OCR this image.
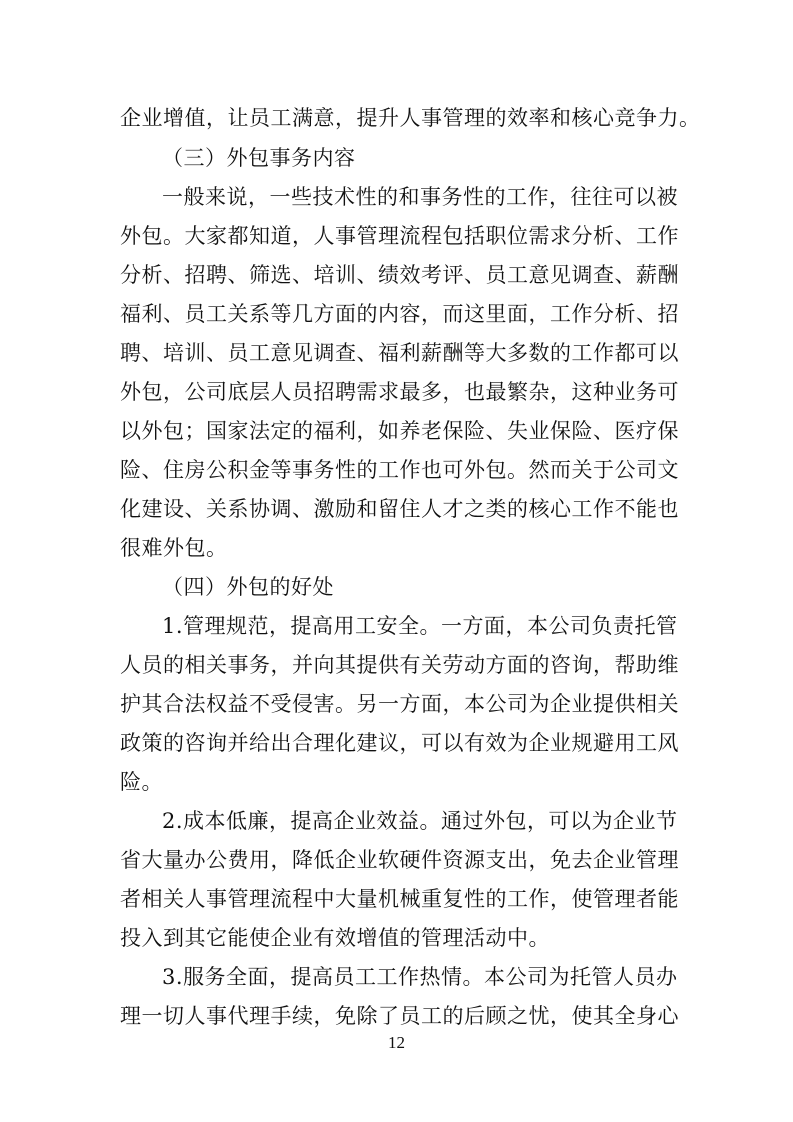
企业增值，让员工满意，提升人事管理的效率和核心竞争力。
（三）外包事务内容
一般来说，一些技术性的和事务性的工作，往往可以被
外包。大家都知道，人事管理流程包括职位需求分析、工作
分析、招聘、筛选、培训、绩效考评、员工意见调查、薪酬
福利、员工关系等几方面的内容，而这里面，工作分析、招
聘、培训、员工意见调查、福利薪酬等大多数的工作都可以
外包，公司底层人员招聘需求最多，也最繁杂，这种业务可
以外包；国家法定的福利，如养老保险、失业保险、医疗保
险、住房公积金等事务性的工作也可外包。然而关于公司文
化建设、关系协调、激励和留住人才之类的核心工作不能也
很难外包。
（四）外包的好处
1.管理规范，提高用工安全。一方面，本公司负责托管
人员的相关事务，并向其提供有关劳动方面的咨询，帮助维
护其合法权益不受侵害。另一方面，本公司为企业提供相关
政策的咨询并给出合理化建议，可以有效为企业规避用工风
险。
2.成本低廉，提高企业效益。通过外包，可以为企业节
省大量办公费用，降低企业软硬件资源支出，免去企业管理
者相关人事管理流程中大量机械重复性的工作，使管理者能
投入到其它能使企业有效增值的管理活动中。
3.服务全面，提高员工工作热情。本公司为托管人员办
理一切人事代理手续，免除了员工的后顾之忧，使其全身心
12
